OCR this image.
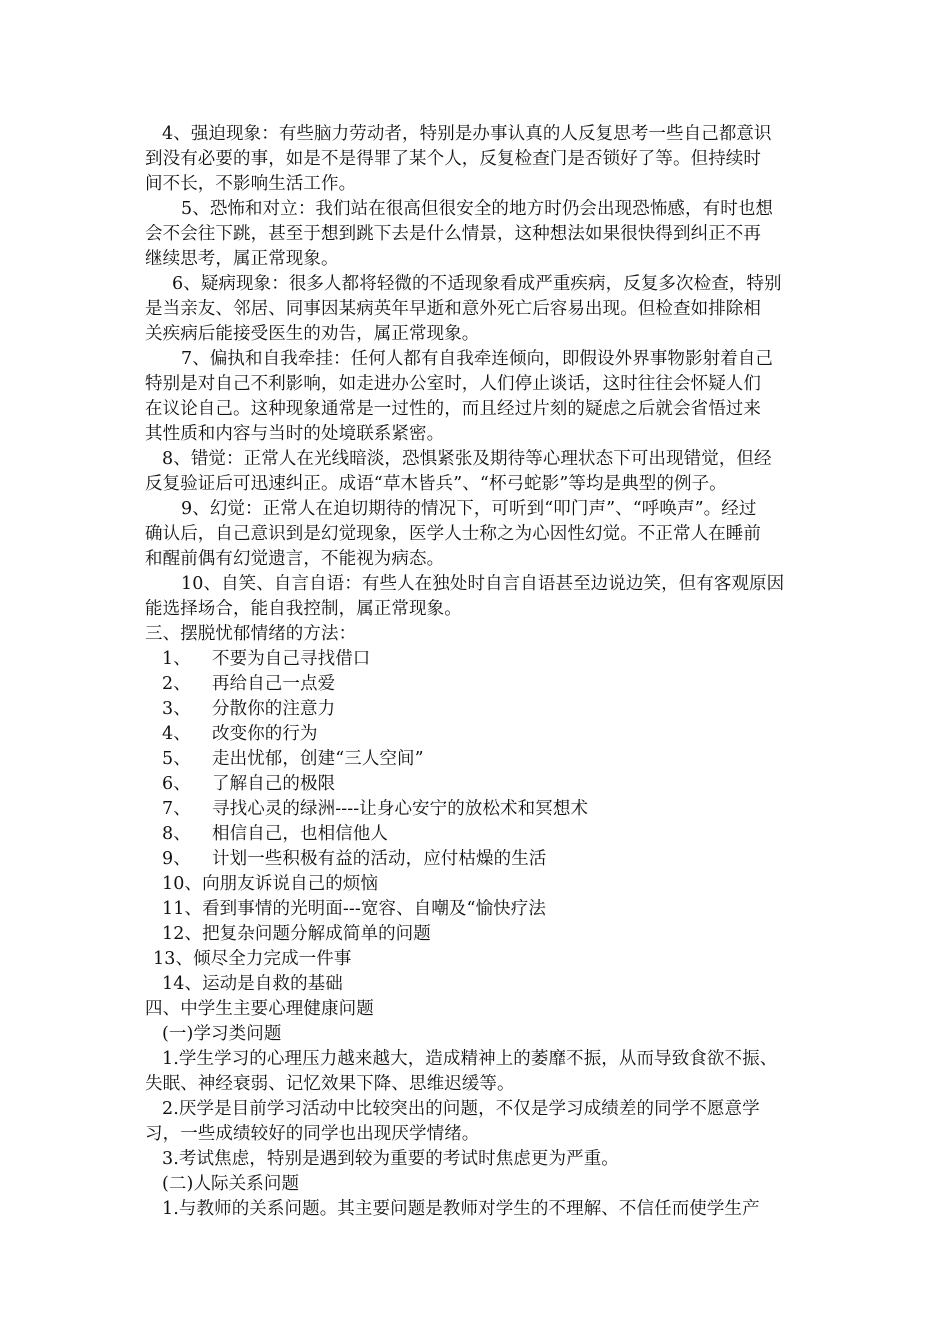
4、强迫现象：有些脑力劳动者，特别是办事认真的人反复思考一些自己都意识
到没有必要的事，如是不是得罪了某个人，反复检查门是否锁好了等。但持续时
间不长，不影响生活工作。
5、恐怖和对立：我们站在很高但很安全的地方时仍会出现恐怖感，有时也想
会不会往下跳，甚至于想到跳下去是什么情景，这种想法如果很快得到纠正不再
继续思考，属正常现象。
6、疑病现象：很多人都将轻微的不适现象看成严重疾病，反复多次检查，特别
是当亲友、邻居、同事因某病英年早逝和意外死亡后容易出现。但检查如排除相
关疾病后能接受医生的劝告，属正常现象。
7、偏执和自我牵挂：任何人都有自我牵连倾向，即假设外界事物影射着自己
特别是对自己不利影响，如走进办公室时，人们停止谈话，这时往往会怀疑人们
在议论自己。这种现象通常是一过性的，而且经过片刻的疑虑之后就会省悟过来
其性质和内容与当时的处境联系紧密。
8、错觉：正常人在光线暗淡，恐惧紧张及期待等心理状态下可出现错觉，但经
反复验证后可迅速纠正。成语“草木皆兵”、“杯弓蛇影”等均是典型的例子。
9、幻觉：正常人在迫切期待的情况下，可听到“叩门声”、“呼唤声”。经过
确认后，自己意识到是幻觉现象，医学人士称之为心因性幻觉。不正常人在睡前
和醒前偶有幻觉遗言，不能视为病态。
10、自笑、自言自语：有些人在独处时自言自语甚至边说边笑，但有客观原因
能选择场合，能自我控制，属正常现象。
三、摆脱忧郁情绪的方法：
1、 不要为自己寻找借口
2、 再给自己一点爱
3、 分散你的注意力
4、 改变你的行为
5、 走出忧郁，创建“三人空间”
6、 了解自己的极限
7、 寻找心灵的绿洲----让身心安宁的放松术和冥想术
8、 相信自己，也相信他人
9、 计划一些积极有益的活动，应付枯燥的生活
10、向朋友诉说自己的烦恼
11、看到事情的光明面---宽容、自嘲及“愉快疗法
12、把复杂问题分解成简单的问题
13、倾尽全力完成一件事
14、运动是自救的基础
四、中学生主要心理健康问题
(一)学习类问题
1.学生学习的心理压力越来越大，造成精神上的萎靡不振，从而导致食欲不振、
失眠、神经衰弱、记忆效果下降、思维迟缓等。
2.厌学是目前学习活动中比较突出的问题，不仅是学习成绩差的同学不愿意学
习，一些成绩较好的同学也出现厌学情绪。
3.考试焦虑，特别是遇到较为重要的考试时焦虑更为严重。
(二)人际关系问题
1.与教师的关系问题。其主要问题是教师对学生的不理解、不信任而使学生产
